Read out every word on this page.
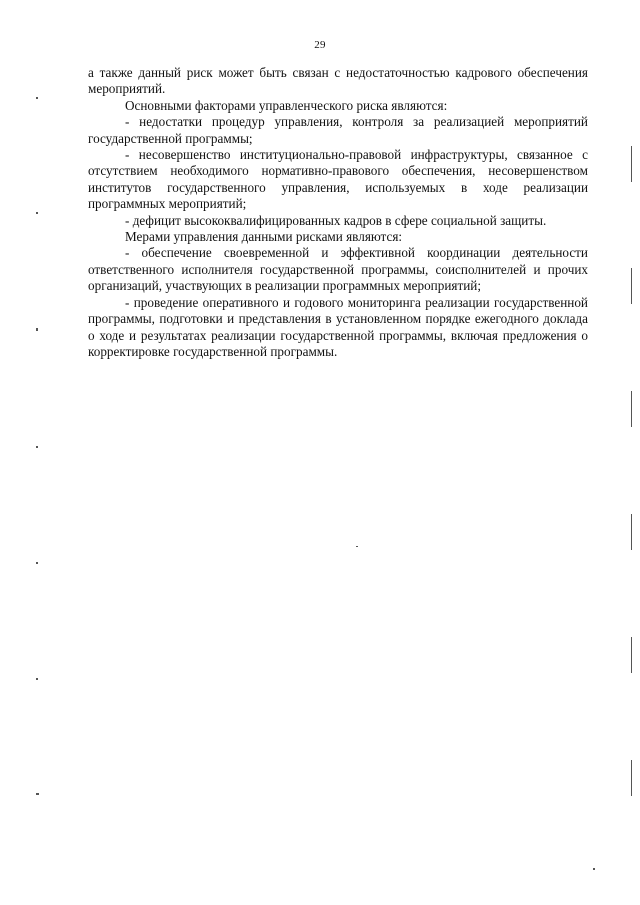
29

а также данный риск может быть связан с недостаточностью кадрового обеспечения мероприятий.

Основными факторами управленческого риска являются:

- недостатки процедур управления, контроля за реализацией мероприятий государственной программы;

- несовершенство институционально-правовой инфраструктуры, связанное с отсутствием необходимого нормативно-правового обеспечения, несовершенством институтов государственного управления, используемых в ходе реализации программных мероприятий;

- дефицит высококвалифицированных кадров в сфере социальной защиты.

Мерами управления данными рисками являются:

- обеспечение своевременной и эффективной координации деятельности ответственного исполнителя государственной программы, соисполнителей и прочих организаций, участвующих в реализации программных мероприятий;

- проведение оперативного и годового мониторинга реализации государственной программы, подготовки и представления в установленном порядке ежегодного доклада о ходе и результатах реализации государственной программы, включая предложения о корректировке государственной программы.
